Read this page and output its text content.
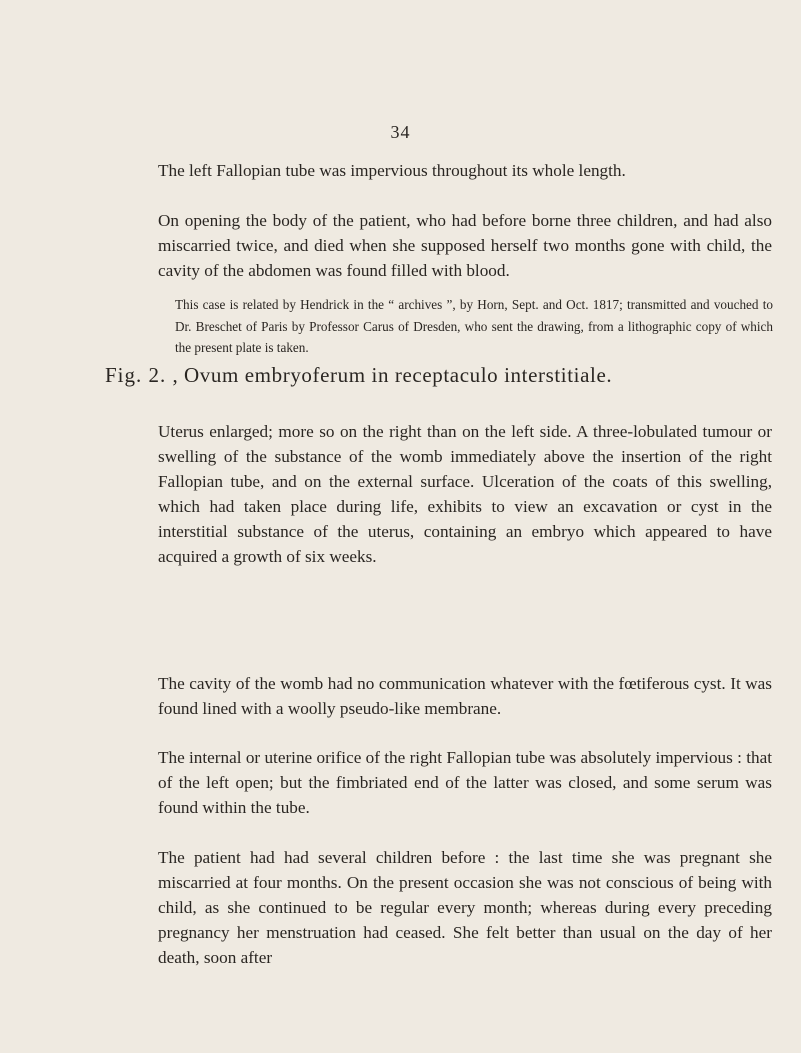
34

The left Fallopian tube was impervious throughout its whole length.

On opening the body of the patient, who had before borne three children, and had also miscarried twice, and died when she supposed herself two months gone with child, the cavity of the abdomen was found filled with blood.

This case is related by Hendrick in the “ archives ”, by Horn, Sept. and Oct. 1817; transmitted and vouched to Dr. Breschet of Paris by Professor Carus of Dresden, who sent the drawing, from a lithographic copy of which the present plate is taken.

Fig. 2. , Ovum embryoferum in receptaculo interstitiale.

Uterus enlarged; more so on the right than on the left side. A three-lobulated tumour or swelling of the substance of the womb immediately above the insertion of the right Fallopian tube, and on the external surface. Ulceration of the coats of this swelling, which had taken place during life, exhibits to view an excavation or cyst in the interstitial substance of the uterus, containing an embryo which appeared to have acquired a growth of six weeks.

The cavity of the womb had no communication whatever with the fœtiferous cyst. It was found lined with a woolly pseudo-like membrane.

The internal or uterine orifice of the right Fallopian tube was absolutely impervious : that of the left open; but the fimbriated end of the latter was closed, and some serum was found within the tube.

The patient had had several children before : the last time she was pregnant she miscarried at four months. On the present occasion she was not conscious of being with child, as she continued to be regular every month; whereas during every preceding pregnancy her menstruation had ceased. She felt better than usual on the day of her death, soon after
